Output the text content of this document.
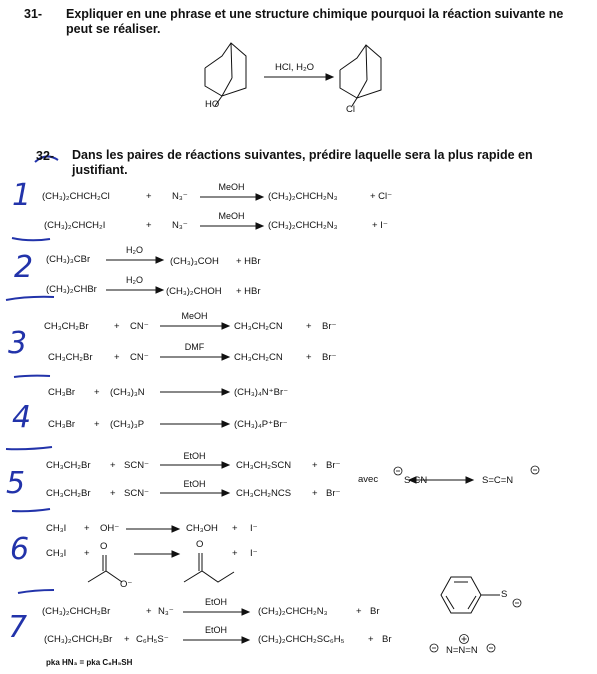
31- Expliquer en une phrase et une structure chimique pourquoi la réaction suivante ne peut se réaliser.
HCl, H₂O
HO	Cl
32- Dans les paires de réactions suivantes, prédire laquelle sera la plus rapide en justifiant.
1
2
3
4
5
6
7
(CH₃)₂CHCH₂Cl	+ N₃⁻
MeOH
(CH₃)₂CHCH₂N₃	+ Cl⁻
(CH₃)₂CHCH₂I	+ N₃⁻
MeOH
(CH₃)₂CHCH₂N₃	+ I⁻
(CH₃)₃CBr
H₂O
(CH₃)₃COH + HBr
(CH₃)₂CHBr
H₂O
(CH₃)₂CHOH + HBr
CH₃CH₂Br	+ CN⁻
MeOH
CH₃CH₂CN + Br⁻
CH₃CH₂Br + CN⁻
DMF
CH₃CH₂CN + Br⁻
CH₃Br + (CH₃)₃N	(CH₃)₄N⁺Br⁻
CH₃Br + (CH₃)₃P	(CH₃)₄P⁺Br⁻
CH₃CH₂Br + SCN⁻
EtOH
CH₃CH₂SCN + Br⁻
CH₃CH₂Br + SCN⁻
EtOH
CH₃CH₂NCS + Br⁻
avec	S-CN	S=C=N
CH₃I + OH⁻	CH₃OH + I⁻
CH₃I +
O
O⁻
O
+ I⁻
(CH₃)₂CHCH₂Br	+ N₃⁻
EtOH
(CH₃)₂CHCH₂N₃	+ Br
(CH₃)₂CHCH₂Br + C₆H₅S⁻
EtOH
(CH₃)₂CHCH₂SC₆H₅ + Br
pka HN₃ = pka C₆H₅SH
S
N=N=N
